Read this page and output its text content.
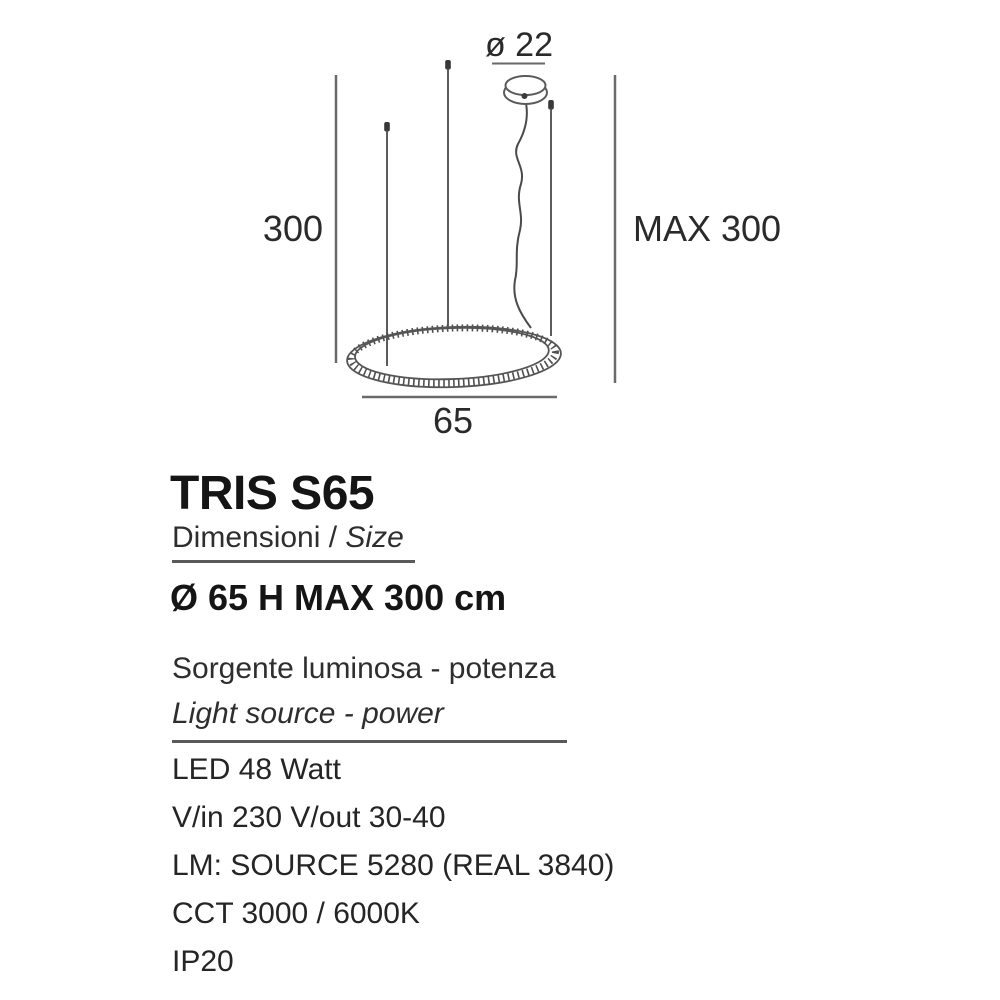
ø 22
65
300	MAX 300
TRIS S65
Dimensioni / Size
Ø 65 H MAX 300 cm
Sorgente luminosa - potenza
Light source - power
LED 48 Watt
V/in 230 V/out 30-40
LM: SOURCE 5280 (REAL 3840)
CCT 3000 / 6000K
IP20
